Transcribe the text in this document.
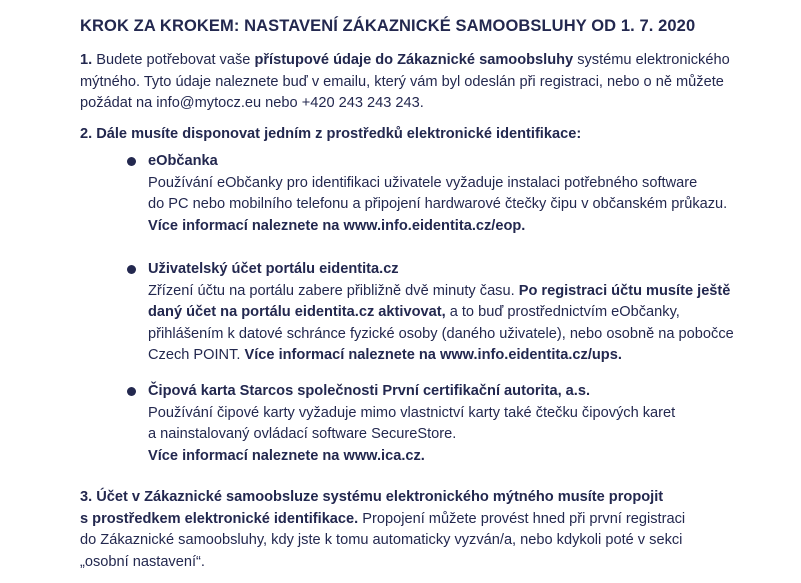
KROK ZA KROKEM: NASTAVENÍ ZÁKAZNICKÉ SAMOOBSLUHY OD 1. 7. 2020
1. Budete potřebovat vaše přístupové údaje do Zákaznické samoobsluhy systému elektronického
mýtného. Tyto údaje naleznete buď v emailu, který vám byl odeslán při registraci, nebo o ně můžete
požádat na info@mytocz.eu nebo +420 243 243 243.
2. Dále musíte disponovat jedním z prostředků elektronické identifikace:
eObčanka
Používání eObčanky pro identifikaci uživatele vyžaduje instalaci potřebného software
do PC nebo mobilního telefonu a připojení hardwarové čtečky čipu v občanském průkazu.
Více informací naleznete na www.info.eidentita.cz/eop.
Uživatelský účet portálu eidentita.cz
Zřízení účtu na portálu zabere přibližně dvě minuty času. Po registraci účtu musíte ještě
daný účet na portálu eidentita.cz aktivovat, a to buď prostřednictvím eObčanky,
přihlášením k datové schránce fyzické osoby (daného uživatele), nebo osobně na pobočce
Czech POINT. Více informací naleznete na www.info.eidentita.cz/ups.
Čipová karta Starcos společnosti První certifikační autorita, a.s.
Používání čipové karty vyžaduje mimo vlastnictví karty také čtečku čipových karet
a nainstalovaný ovládací software SecureStore.
Více informací naleznete na www.ica.cz.
3. Účet v Zákaznické samoobsluze systému elektronického mýtného musíte propojit
s prostředkem elektronické identifikace. Propojení můžete provést hned při první registraci
do Zákaznické samoobsluhy, kdy jste k tomu automaticky vyzván/a, nebo kdykoli poté v sekci
„osobní nastavení“.
